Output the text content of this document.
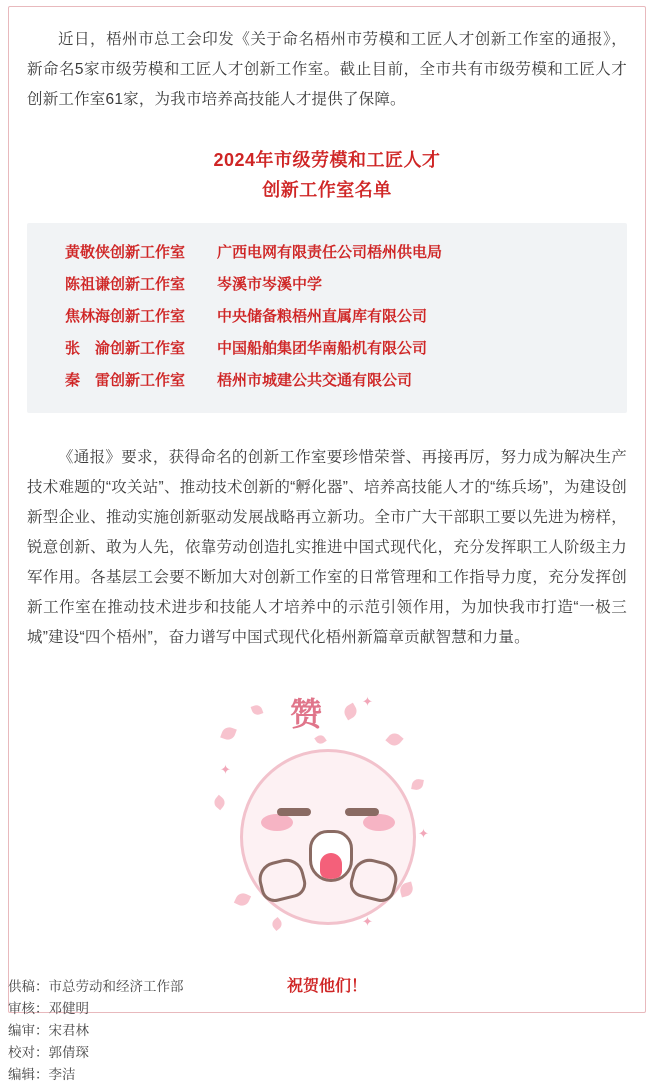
近日，梧州市总工会印发《关于命名梧州市劳模和工匠人才创新工作室的通报》，新命名5家市级劳模和工匠人才创新工作室。截止目前，全市共有市级劳模和工匠人才创新工作室61家，为我市培养高技能人才提供了保障。

2024年市级劳模和工匠人才
创新工作室名单
黄敬侠创新工作室	广西电网有限责任公司梧州供电局
陈祖谦创新工作室	岑溪市岑溪中学
焦林海创新工作室	中央储备粮梧州直属库有限公司
张　渝创新工作室	中国船舶集团华南船机有限公司
秦　雷创新工作室	梧州市城建公共交通有限公司

《通报》要求，获得命名的创新工作室要珍惜荣誉、再接再厉，努力成为解决生产技术难题的“攻关站”、推动技术创新的“孵化器”、培养高技能人才的“练兵场”，为建设创新型企业、推动实施创新驱动发展战略再立新功。全市广大干部职工要以先进为榜样，锐意创新、敢为人先，依靠劳动创造扎实推进中国式现代化，充分发挥职工人阶级主力军作用。各基层工会要不断加大对创新工作室的日常管理和工作指导力度，充分发挥创新工作室在推动技术进步和技能人才培养中的示范引领作用，为加快我市打造“一极三城”建设“四个梧州”，奋力谱写中国式现代化梧州新篇章贡献智慧和力量。

✦
✦
✦
✦
赞
祝贺他们！
供稿：市总劳动和经济工作部
审核：邓健明
编审：宋君林
校对：郭倩琛
编辑：李洁
